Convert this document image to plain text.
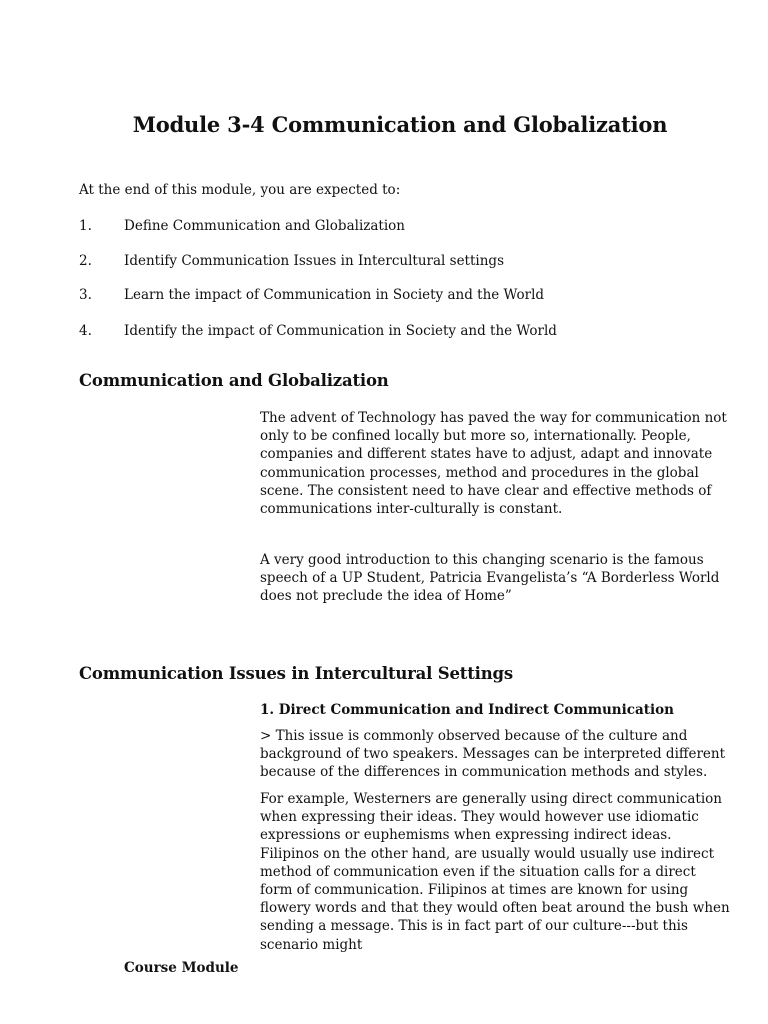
Module 3-4 Communication and Globalization

At the end of this module, you are expected to:

1. Define Communication and Globalization
2. Identify Communication Issues in Intercultural settings
3. Learn the impact of Communication in Society and the World
4. Identify the impact of Communication in Society and the World
Communication and Globalization

The advent of Technology has paved the way for communication not only to be confined locally but more so, internationally. People, companies and different states have to adjust, adapt and innovate communication processes, method and procedures in the global scene. The consistent need to have clear and effective methods of communications inter-culturally is constant.

A very good introduction to this changing scenario is the famous speech of a UP Student, Patricia Evangelista’s “A Borderless World does not preclude the idea of Home”

Communication Issues in Intercultural Settings
1. Direct Communication and Indirect Communication

> This issue is commonly observed because of the culture and background of two speakers. Messages can be interpreted different because of the differences in communication methods and styles.

For example, Westerners are generally using direct communication when expressing their ideas. They would however use idiomatic expressions or euphemisms when expressing indirect ideas. Filipinos on the other hand, are usually would usually use indirect method of communication even if the situation calls for a direct form of communication. Filipinos at times are known for using flowery words and that they would often beat around the bush when sending a message. This is in fact part of our culture---but this scenario might

Course Module
